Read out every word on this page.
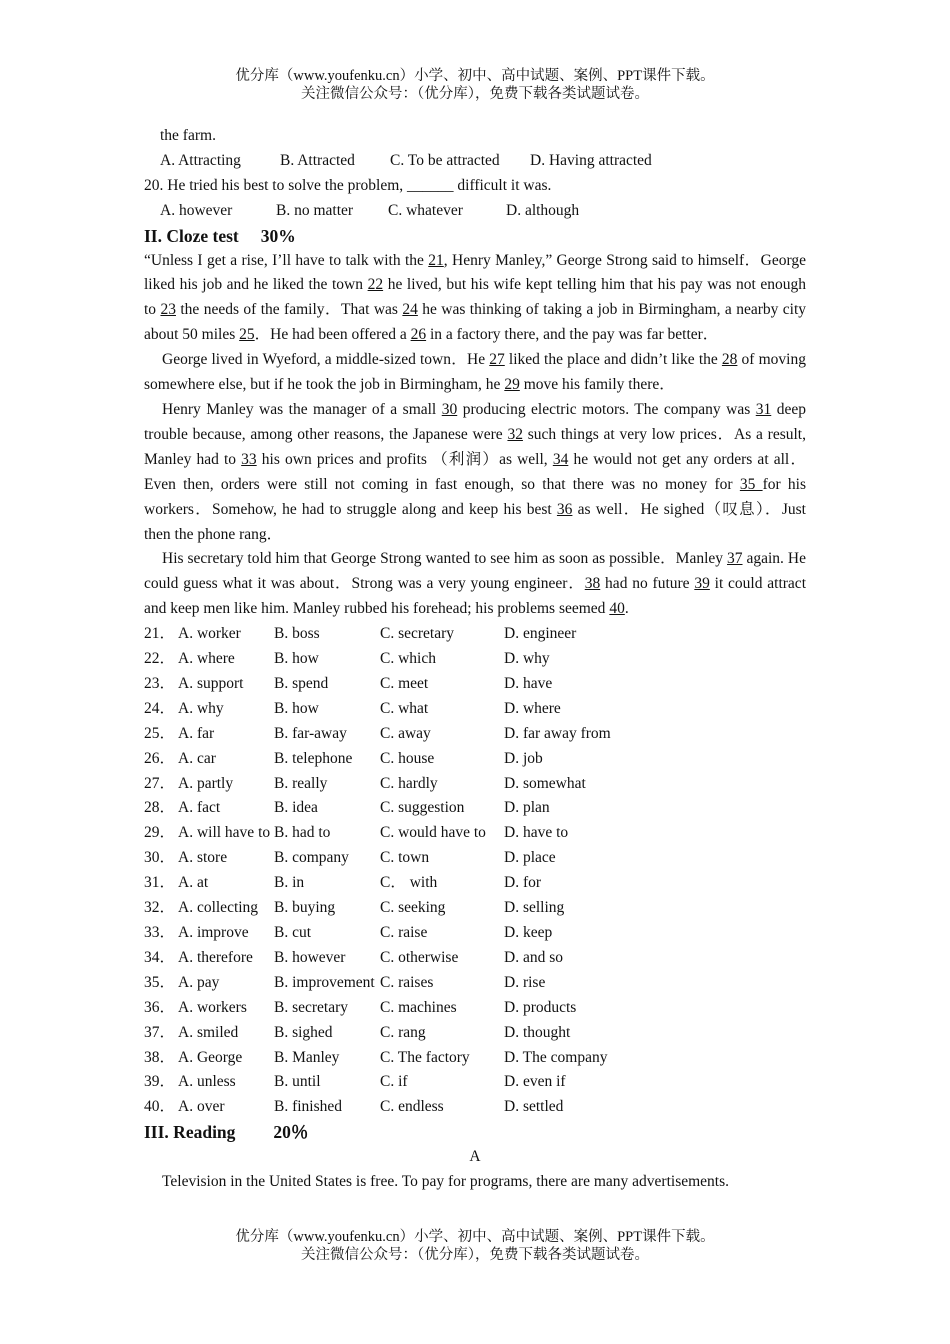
优分库（www.youfenku.cn）小学、初中、高中试题、案例、PPT课件下载。
关注微信公众号：（优分库），免费下载各类试题试卷。

the farm.

A. Attracting	B. Attracted C. To be attracted D. Having attracted

20. He tried his best to solve the problem, ______ difficult it was.

A. however	B. no matter C. whatever	D. although

II. Cloze test 30%

“Unless I get a rise, I’ll have to talk with the 21, Henry Manley,” George Strong said to himself．George liked his job and he liked the town 22 he lived, but his wife kept telling him that his pay was not enough to 23 the needs of the family．That was 24 he was thinking of taking a job in Birmingham, a nearby city about 50 miles 25．He had been offered a 26 in a factory there, and the pay was far better．

George lived in Wyeford, a middle-sized town．He 27 liked the place and didn’t like the 28 of moving somewhere else, but if he took the job in Birmingham, he 29 move his family there．

Henry Manley was the manager of a small 30 producing electric motors. The company was 31 deep trouble because, among other reasons, the Japanese were 32 such things at very low prices．As a result, Manley had to 33 his own prices and profits （利润）as well, 34 he would not get any orders at all．Even then, orders were still not coming in fast enough, so that there was no money for 35 for his workers．Somehow, he had to struggle along and keep his best 36 as well．He sighed（叹息）．Just then the phone rang．

His secretary told him that George Strong wanted to see him as soon as possible．Manley 37 again. He could guess what it was about．Strong was a very young engineer．38 had no future 39 it could attract and keep men like him. Manley rubbed his forehead; his problems seemed 40.

21． A. worker B. boss	C. secretary	D. engineer

22． A. where	B. how	C. which	D. why

23． A. support B. spend	C. meet	D. have

24． A. why	B. how	C. what	D. where

25． A. far	B. far-away C. away	D. far away from

26． A. car	B. telephone C. house	D. job

27． A. partly	B. really	C. hardly	D. somewhat

28． A. fact	B. idea	C. suggestion	D. plan

29． A. will have to B. had to	C. would have to D. have to

30． A. store	B. company C. town	D. place

31． A. at	B. in	C． with	D. for

32． A. collecting B. buying	C. seeking	D. selling

33． A. improve B. cut	C. raise	D. keep

34． A. therefore B. however C. otherwise	D. and so

35． A. pay	B. improvement C. raises	D. rise

36． A. workers B. secretary C. machines	D. products

37． A. smiled B. sighed	C. rang	D. thought

38．A. George B. Manley	C. The factory D. The company

39． A. unless B. until	C. if	D. even if

40． A. over	B. finished C. endless	D. settled

III. Reading 20％

A

Television in the United States is free. To pay for programs, there are many advertisements.

优分库（www.youfenku.cn）小学、初中、高中试题、案例、PPT课件下载。
关注微信公众号：（优分库），免费下载各类试题试卷。
